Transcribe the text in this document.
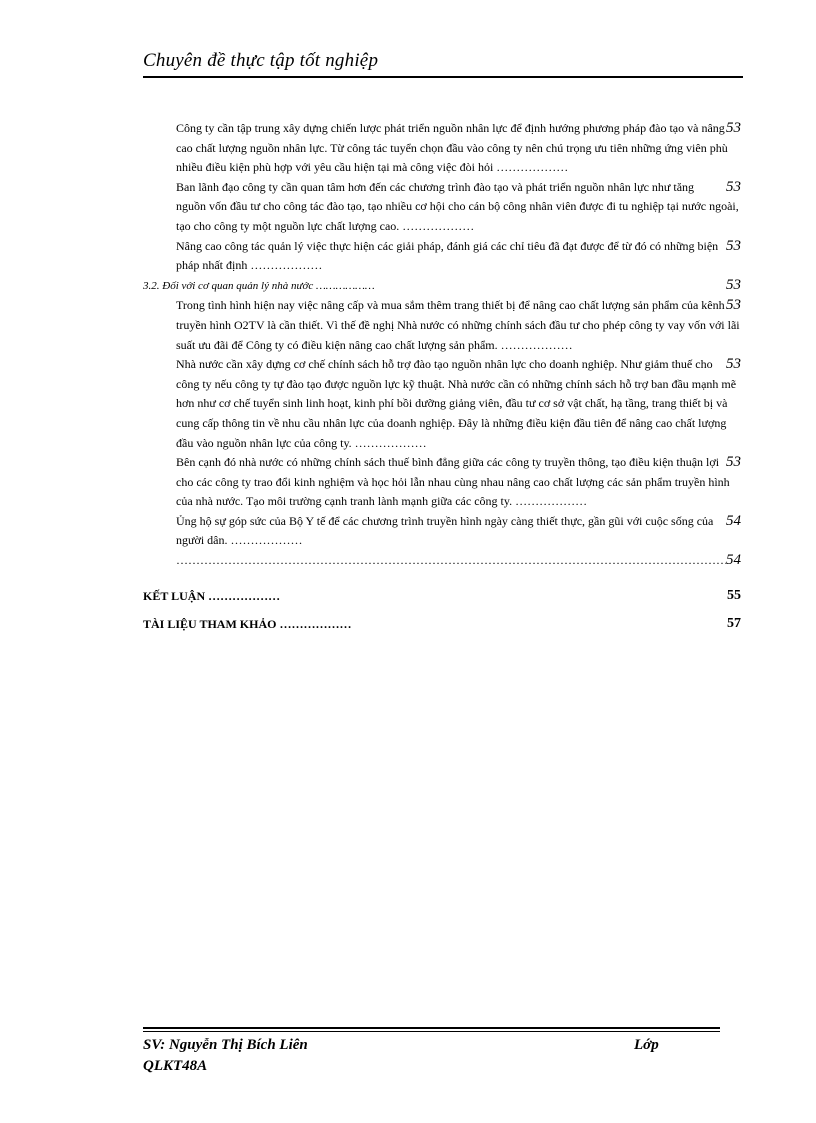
Chuyên đề thực tập tốt nghiệp
53
Công ty cần tập trung xây dựng chiến lược phát triển nguồn nhân lực để định hướng phương pháp đào tạo và nâng cao chất lượng nguồn nhân lực. Từ công tác tuyển chọn đầu vào công ty nên chú trọng ưu tiên những ứng viên phù nhiều điều kiện phù hợp với yêu cầu hiện tại mà công việc đòi hỏi ………………
53
Ban lãnh đạo công ty cần quan tâm hơn đến các chương trình đào tạo và phát triển nguồn nhân lực như tăng nguồn vốn đầu tư cho công tác đào tạo, tạo nhiều cơ hội cho cán bộ công nhân viên được đi tu nghiệp tại nước ngoài, tạo cho công ty một nguồn lực chất lượng cao. ………………
53
Nâng cao công tác quản lý việc thực hiện các giải pháp, đánh giá các chỉ tiêu đã đạt được để từ đó có những biện pháp nhất định ………………
53
3.2. Đối với cơ quan quản lý nhà nước ………………
53
Trong tình hình hiện nay việc nâng cấp và mua sắm thêm trang thiết bị để nâng cao chất lượng sản phẩm của kênh truyền hình O2TV là cần thiết. Vì thế đề nghị Nhà nước có những chính sách đầu tư cho phép công ty vay vốn với lãi suất ưu đãi để Công ty có điều kiện nâng cao chất lượng sản phẩm. ………………
53
Nhà nước cần xây dựng cơ chế chính sách hỗ trợ đào tạo nguồn nhân lực cho doanh nghiệp. Như giảm thuế cho công ty nếu công ty tự đào tạo được nguồn lực kỹ thuật. Nhà nước cần có những chính sách hỗ trợ ban đầu mạnh mẽ hơn như cơ chế tuyển sinh linh hoạt, kinh phí bồi dưỡng giảng viên, đầu tư cơ sở vật chất, hạ tầng, trang thiết bị và cung cấp thông tin về nhu cầu nhân lực của doanh nghiệp. Đây là những điều kiện đầu tiên để nâng cao chất lượng đầu vào nguồn nhân lực của công ty. ………………
53
Bên cạnh đó nhà nước có những chính sách thuế bình đẳng giữa các công ty truyền thông, tạo điều kiện thuận lợi cho các công ty trao đổi kinh nghiệm và học hỏi lẫn nhau cùng nhau nâng cao chất lượng các sản phẩm truyền hình của nhà nước. Tạo môi trường cạnh tranh lành mạnh giữa các công ty. ………………
54
Ủng hộ sự góp sức của Bộ Y tế để các chương trình truyền hình ngày càng thiết thực, gần gũi với cuộc sống của người dân. ………………
54
……………………………………………………………………………………………………………………………………………………………………
55
KẾT LUẬN ………………
57
TÀI LIỆU THAM KHẢO ………………
SV: Nguyễn Thị Bích Liên	Lớp
QLKT48A
